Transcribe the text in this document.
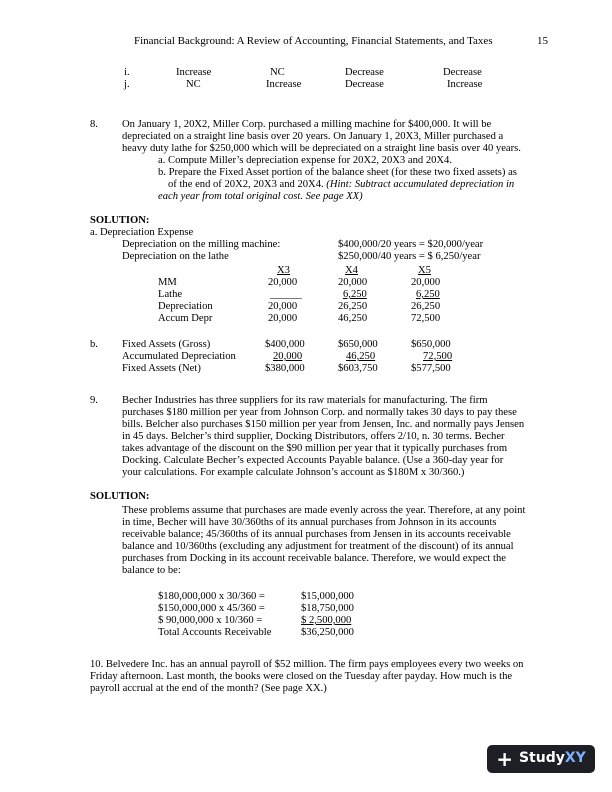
Financial Background: A Review of Accounting, Financial Statements, and Taxes	15
i.	Increase	NC	Decrease	Decrease
j.	NC	Increase	Decrease	Increase
8. On January 1, 20X2, Miller Corp. purchased a milling machine for $400,000. It will be
depreciated on a straight line basis over 20 years. On January 1, 20X3, Miller purchased a
heavy duty lathe for $250,000 which will be depreciated on a straight line basis over 40 years.
a. Compute Miller’s depreciation expense for 20X2, 20X3 and 20X4.
b. Prepare the Fixed Asset portion of the balance sheet (for these two fixed assets) as
of the end of 20X2, 20X3 and 20X4. (Hint: Subtract accumulated depreciation in
each year from total original cost. See page XX)
SOLUTION:
a. Depreciation Expense
Depreciation on the milling machine:	$400,000/20 years = $20,000/year
Depreciation on the lathe	$250,000/40 years = $ 6,250/year
X3	X4	X5
MM	20,000	20,000	20,000
Lathe	______	6,250	6,250
Depreciation	20,000	26,250	26,250
Accum Depr	20,000	46,250	72,500
b. Fixed Assets (Gross)	$400,000	$650,000	$650,000
Accumulated Depreciation	20,000	46,250	72,500
Fixed Assets (Net)	$380,000	$603,750	$577,500
9. Becher Industries has three suppliers for its raw materials for manufacturing. The firm
purchases $180 million per year from Johnson Corp. and normally takes 30 days to pay these
bills. Belcher also purchases $150 million per year from Jensen, Inc. and normally pays Jensen
in 45 days. Belcher’s third supplier, Docking Distributors, offers 2/10, n. 30 terms. Becher
takes advantage of the discount on the $90 million per year that it typically purchases from
Docking. Calculate Becher’s expected Accounts Payable balance. (Use a 360-day year for
your calculations. For example calculate Johnson’s account as $180M x 30/360.)
SOLUTION:
These problems assume that purchases are made evenly across the year. Therefore, at any point
in time, Becher will have 30/360ths of its annual purchases from Johnson in its accounts
receivable balance; 45/360ths of its annual purchases from Jensen in its accounts receivable
balance and 10/360ths (excluding any adjustment for treatment of the discount) of its annual
purchases from Docking in its account receivable balance. Therefore, we would expect the
balance to be:
$180,000,000 x 30/360 =	$15,000,000
$150,000,000 x 45/360 =	$18,750,000
$ 90,000,000 x 10/360 =	$ 2,500,000
Total Accounts Receivable	$36,250,000
10. Belvedere Inc. has an annual payroll of $52 million. The firm pays employees every two weeks on
Friday afternoon. Last month, the books were closed on the Tuesday after payday. How much is the
payroll accrual at the end of the month? (See page XX.)
+ StudyXY
